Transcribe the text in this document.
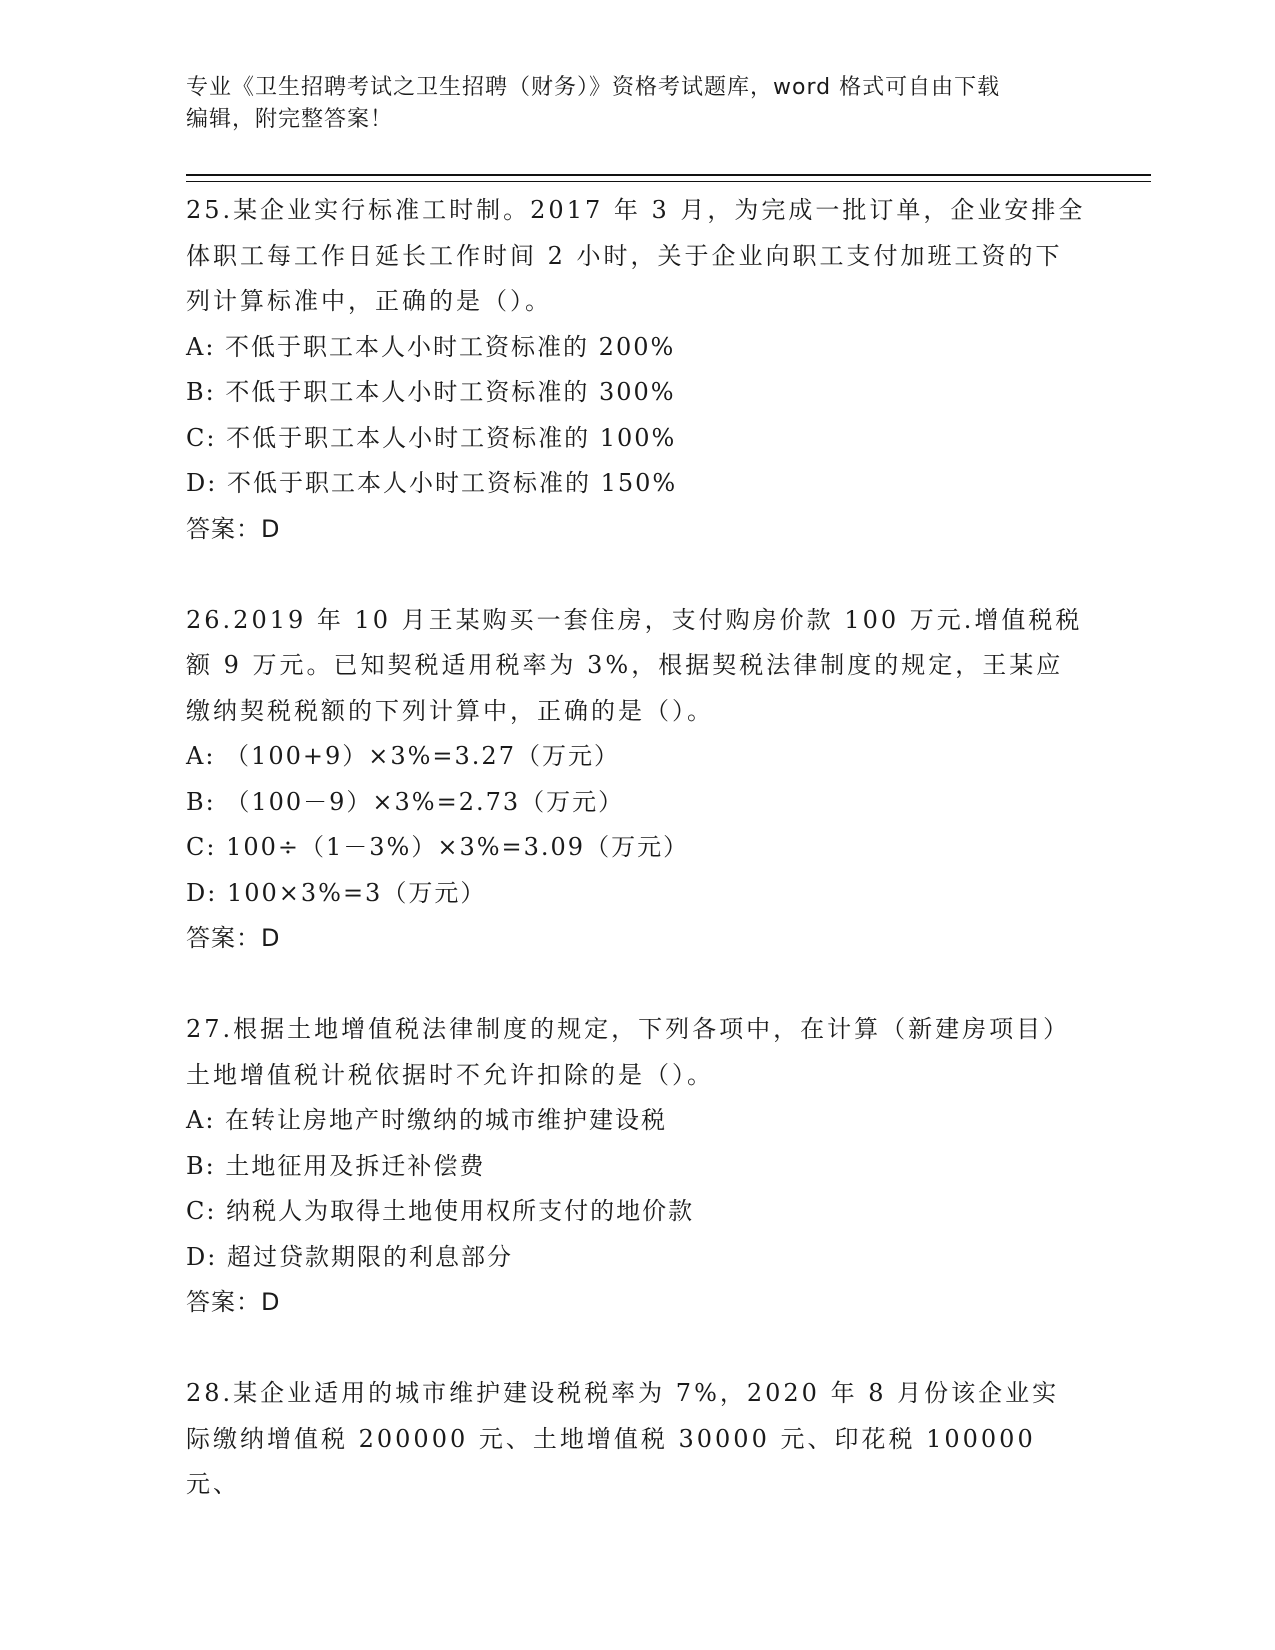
专业《卫生招聘考试之卫生招聘（财务）》资格考试题库，word 格式可自由下载
编辑，附完整答案！

25.某企业实行标准工时制。2017 年 3 月，为完成一批订单，企业安排全体职工每工作日延长工作时间 2 小时，关于企业向职工支付加班工资的下列计算标准中，正确的是（）。

A: 不低于职工本人小时工资标准的 200%

B: 不低于职工本人小时工资标准的 300%

C: 不低于职工本人小时工资标准的 100%

D: 不低于职工本人小时工资标准的 150%

答案：D

26.2019 年 10 月王某购买一套住房，支付购房价款 100 万元.增值税税额 9 万元。已知契税适用税率为 3%，根据契税法律制度的规定，王某应缴纳契税税额的下列计算中，正确的是（）。

A: （100+9）×3%=3.27（万元）

B: （100－9）×3%=2.73（万元）

C: 100÷（1－3%）×3%=3.09（万元）

D: 100×3%=3（万元）

答案：D

27.根据土地增值税法律制度的规定，下列各项中，在计算（新建房项目）土地增值税计税依据时不允许扣除的是（）。

A: 在转让房地产时缴纳的城市维护建设税

B: 土地征用及拆迁补偿费

C: 纳税人为取得土地使用权所支付的地价款

D: 超过贷款期限的利息部分

答案：D

28.某企业适用的城市维护建设税税率为 7%，2020 年 8 月份该企业实际缴纳增值税 200000 元、土地增值税 30000 元、印花税 100000 元、
